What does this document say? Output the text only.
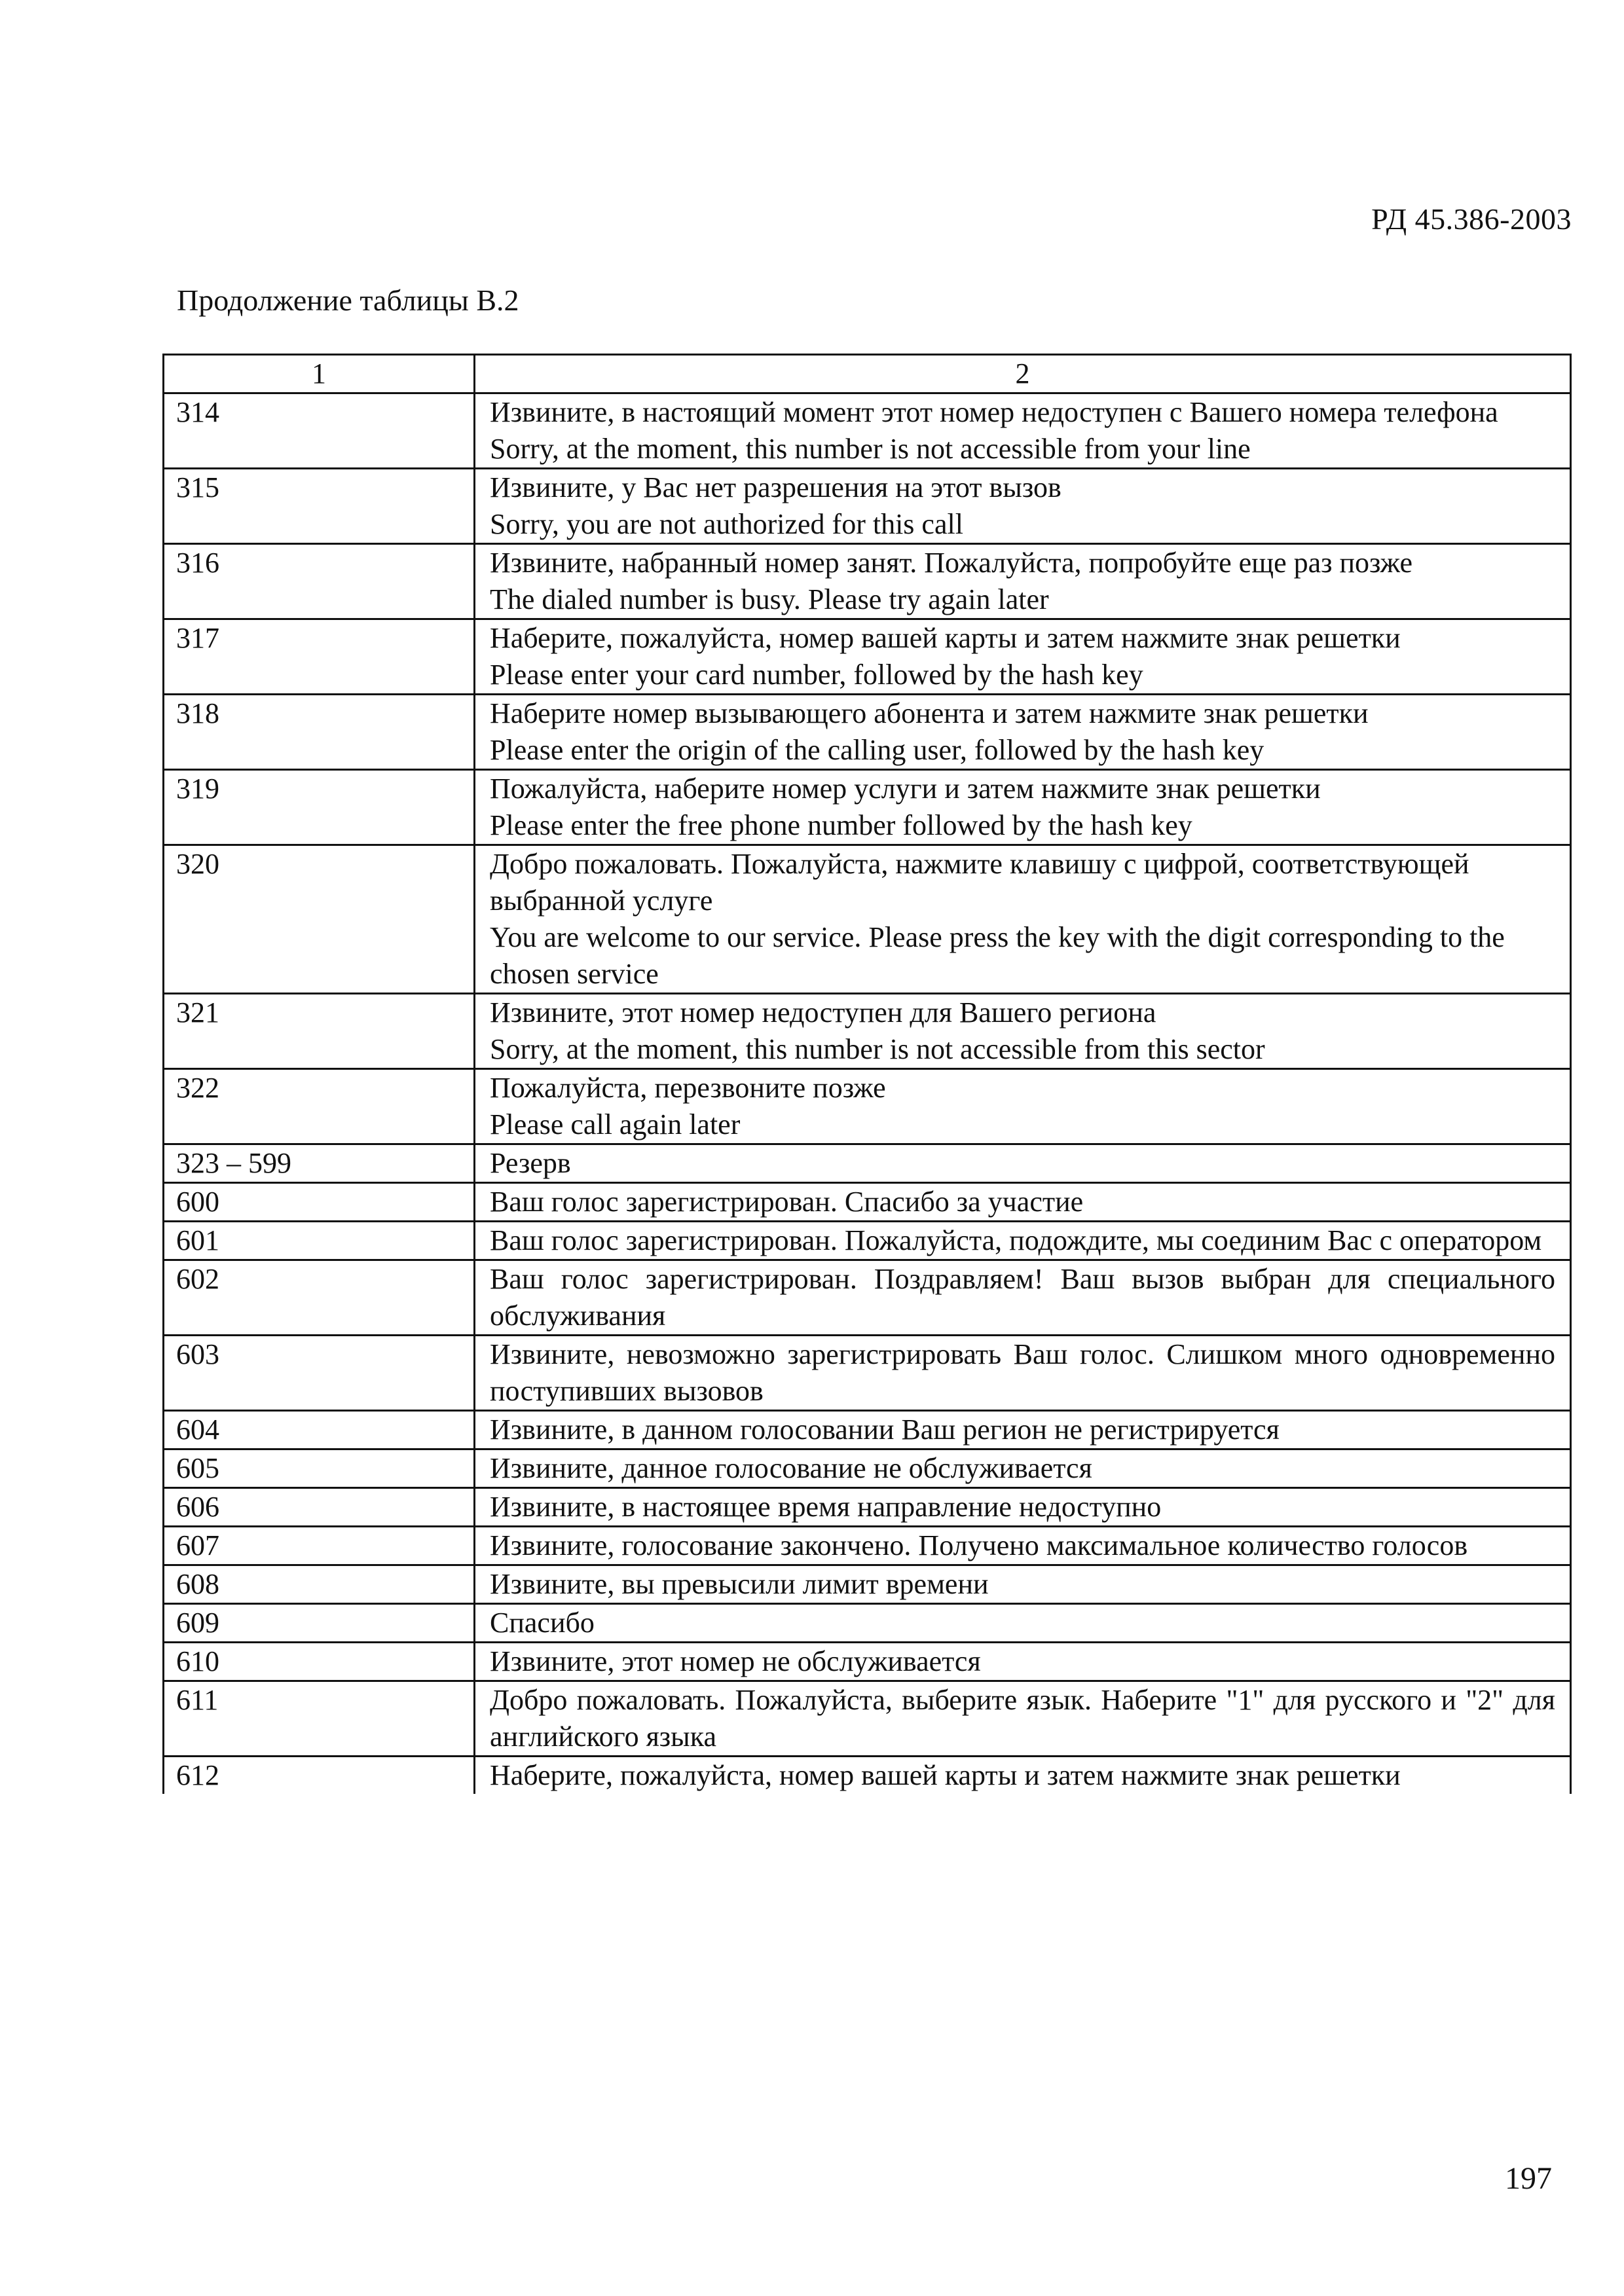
РД 45.386-2003
Продолжение таблицы В.2
1	2
314	Извините, в настоящий момент этот номер недоступен с Вашего номера телефона
Sorry, at the moment, this number is not accessible from your line

315	Извините, у Вас нет разрешения на этот вызов
Sorry, you are not authorized for this call

316	Извините, набранный номер занят. Пожалуйста, попробуйте еще раз позже
The dialed number is busy. Please try again later

317	Наберите, пожалуйста, номер вашей карты и затем нажмите знак решетки
Please enter your card number, followed by the hash key

318	Наберите номер вызывающего абонента и затем нажмите знак решетки
Please enter the origin of the calling user, followed by the hash key

319	Пожалуйста, наберите номер услуги и затем нажмите знак решетки
Please enter the free phone number followed by the hash key

320	Добро пожаловать. Пожалуйста, нажмите клавишу с цифрой, соответствующей выбранной услуге
You are welcome to our service. Please press the key with the digit corresponding to the chosen service

321	Извините, этот номер недоступен для Вашего региона
Sorry, at the moment, this number is not accessible from this sector

322	Пожалуйста, перезвоните позже
Please call again later

323 – 599	Резерв

600	Ваш голос зарегистрирован. Спасибо за участие

601	Ваш голос зарегистрирован. Пожалуйста, подождите, мы соединим Вас с оператором

602	Ваш голос зарегистрирован. Поздравляем! Ваш вызов выбран для специального обслуживания

603	Извините, невозможно зарегистрировать Ваш голос. Слишком много одновременно поступивших вызовов

604	Извините, в данном голосовании Ваш регион не регистрируется

605	Извините, данное голосование не обслуживается

606	Извините, в настоящее время направление недоступно

607	Извините, голосование закончено. Получено максимальное количество голосов

608	Извините, вы превысили лимит времени

609	Спасибо

610	Извините, этот номер не обслуживается

611	Добро пожаловать. Пожалуйста, выберите язык. Наберите "1" для русского и "2" для английского языка

612	Наберите, пожалуйста, номер вашей карты и затем нажмите знак решетки
197
